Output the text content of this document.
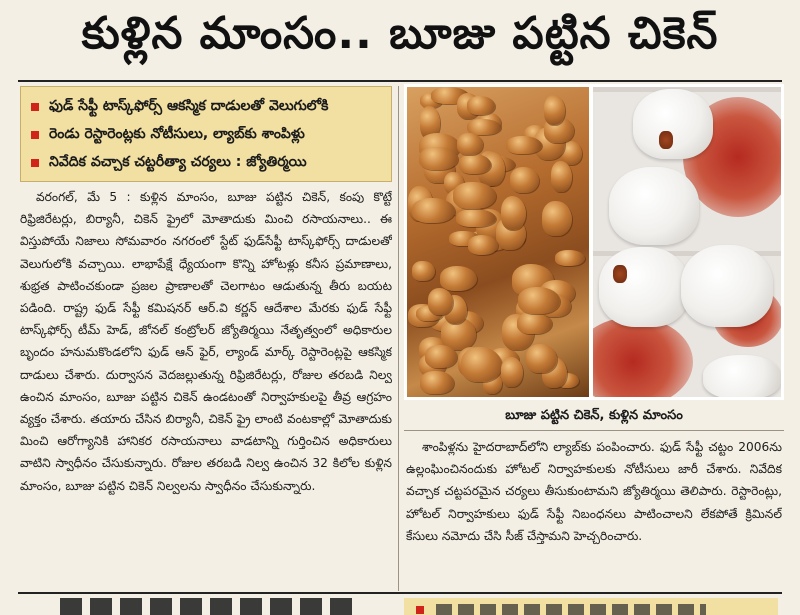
కుళ్లిన మాంసం.. బూజు పట్టిన చికెన్
ఫుడ్ సేఫ్టీ టాస్క్‌ఫోర్స్ ఆకస్మిక దాడులతో వెలుగులోకి
రెండు రెస్టారెంట్లకు నోటీసులు, ల్యాబ్‌కు శాంపిళ్లు
నివేదిక వచ్చాక చట్టరీత్యా చర్యలు : జ్యోతిర్మయి

వరంగల్, మే 5 : కుళ్లిన మాంసం, బూజు పట్టిన చికెన్, కంపు కొట్టే రిఫ్రిజిరేటర్లు, బిర్యానీ, చికెన్ ఫ్రైలో మోతాదుకు మించి రసాయనాలు.. ఈ విస్తుపోయే నిజాలు సోమవారం నగరంలో స్టేట్ ఫుడ్‌సేఫ్టీ టాస్క్‌ఫోర్స్ దాడులతో వెలుగులోకి వచ్చాయి. లాభాపేక్షే ధ్యేయంగా కొన్ని హోటళ్లు కనీస ప్రమాణాలు, శుభ్రత పాటించకుండా ప్రజల ప్రాణాలతో చెలగాటం ఆడుతున్న తీరు బయట పడింది. రాష్ట్ర ఫుడ్ సేఫ్టీ కమిషనర్ ఆర్.వి కర్ణన్ ఆదేశాల మేరకు ఫుడ్ సేఫ్టీ టాస్క్‌ఫోర్స్ టీమ్ హెడ్, జోనల్ కంట్రోలర్ జ్యోతిర్మయి నేతృత్వంలో అధికారుల బృందం హనుమకొండలోని ఫుడ్ ఆన్ ఫైర్, ల్యాండ్ మార్క్ రెస్టారెంట్లపై ఆకస్మిక దాడులు చేశారు. దుర్వాసన వెదజల్లుతున్న రిఫ్రిజిరేటర్లు, రోజుల తరబడి నిల్వ ఉంచిన మాంసం, బూజు పట్టిన చికెన్ ఉండటంతో నిర్వాహకులపై తీవ్ర ఆగ్రహం వ్యక్తం చేశారు. తయారు చేసిన బిర్యానీ, చికెన్ ఫ్రై లాంటి వంటకాల్లో మోతాదుకు మించి ఆరోగ్యానికి హానికర రసాయనాలు వాడటాన్ని గుర్తించిన అధికారులు వాటిని స్వాధీనం చేసుకున్నారు. రోజుల తరబడి నిల్వ ఉంచిన 32 కిలోల కుళ్లిన మాంసం, బూజు పట్టిన చికెన్ నిల్వలను స్వాధీనం చేసుకున్నారు.

బూజు పట్టిన చికెన్, కుళ్లిన మాంసం

శాంపిళ్లను హైదరాబాద్‌లోని ల్యాబ్‌కు పంపించారు. ఫుడ్ సేఫ్టీ చట్టం 2006ను ఉల్లంఘించినందుకు హోటల్ నిర్వాహకులకు నోటీసులు జారీ చేశారు. నివేదిక వచ్చాక చట్టపరమైన చర్యలు తీసుకుంటామని జ్యోతిర్మయి తెలిపారు. రెస్టారెంట్లు, హోటల్ నిర్వాహకులు ఫుడ్ సేఫ్టీ నిబంధనలు పాటించాలని లేకపోతే క్రిమినల్ కేసులు నమోదు చేసి సీజ్ చేస్తామని హెచ్చరించారు.
